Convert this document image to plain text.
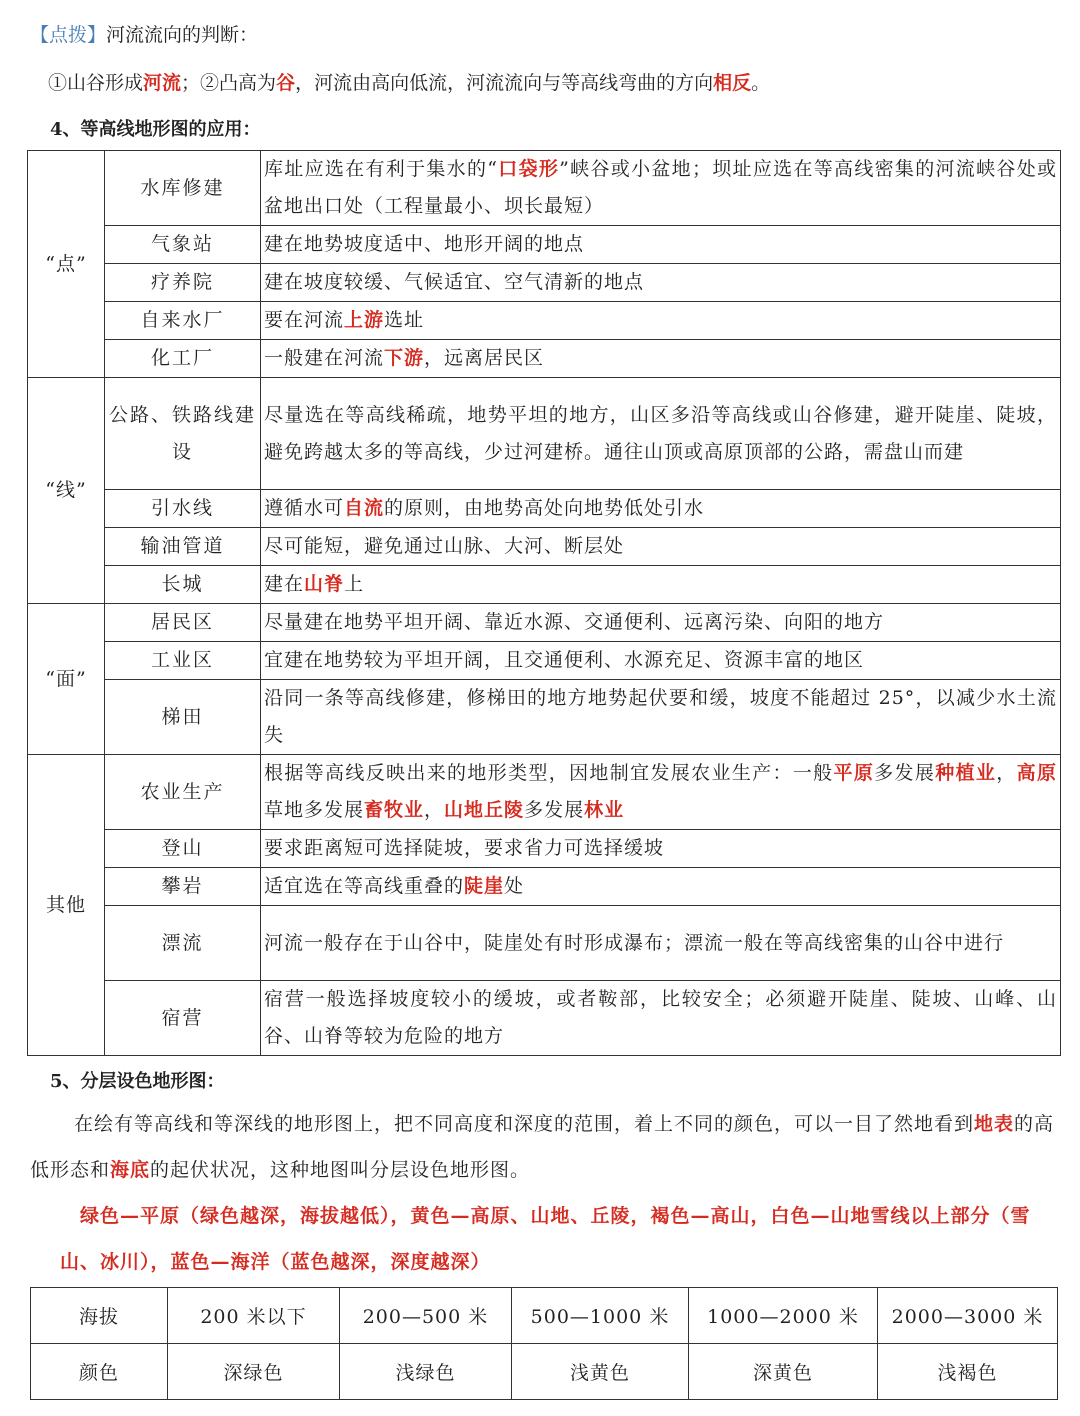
【点拨】河流流向的判断：
①山谷形成河流；②凸高为谷，河流由高向低流，河流流向与等高线弯曲的方向相反。
4、等高线地形图的应用：
“点”	水库修建	库址应选在有利于集水的“口袋形”峡谷或小盆地；坝址应选在等高线密集的河流峡谷处或盆地出口处（工程量最小、坝长最短）
	气象站	建在地势坡度适中、地形开阔的地点
	疗养院	建在坡度较缓、气候适宜、空气清新的地点
	自来水厂	要在河流上游选址
	化工厂	一般建在河流下游，远离居民区
“线”	公路、铁路线建设	尽量选在等高线稀疏，地势平坦的地方，山区多沿等高线或山谷修建，避开陡崖、陡坡，避免跨越太多的等高线，少过河建桥。通往山顶或高原顶部的公路，需盘山而建
	引水线	遵循水可自流的原则，由地势高处向地势低处引水
	输油管道	尽可能短，避免通过山脉、大河、断层处
	长城	建在山脊上
“面”	居民区	尽量建在地势平坦开阔、靠近水源、交通便利、远离污染、向阳的地方
	工业区	宜建在地势较为平坦开阔，且交通便利、水源充足、资源丰富的地区
	梯田	沿同一条等高线修建，修梯田的地方地势起伏要和缓，坡度不能超过 25°，以减少水土流失
其他	农业生产	根据等高线反映出来的地形类型，因地制宜发展农业生产：一般平原多发展种植业，高原草地多发展畜牧业，山地丘陵多发展林业
	登山	要求距离短可选择陡坡，要求省力可选择缓坡
	攀岩	适宜选在等高线重叠的陡崖处
	漂流	河流一般存在于山谷中，陡崖处有时形成瀑布；漂流一般在等高线密集的山谷中进行
	宿营	宿营一般选择坡度较小的缓坡，或者鞍部，比较安全；必须避开陡崖、陡坡、山峰、山谷、山脊等较为危险的地方
5、分层设色地形图：
在绘有等高线和等深线的地形图上，把不同高度和深度的范围，着上不同的颜色，可以一目了然地看到地表的高低形态和海底的起伏状况，这种地图叫分层设色地形图。
绿色—平原（绿色越深，海拔越低），黄色—高原、山地、丘陵，褐色—高山，白色—山地雪线以上部分（雪山、冰川），蓝色—海洋（蓝色越深，深度越深）
海拔	200 米以下	200—500 米	500—1000 米	1000—2000 米	2000—3000 米
颜色	深绿色	浅绿色	浅黄色	深黄色	浅褐色
